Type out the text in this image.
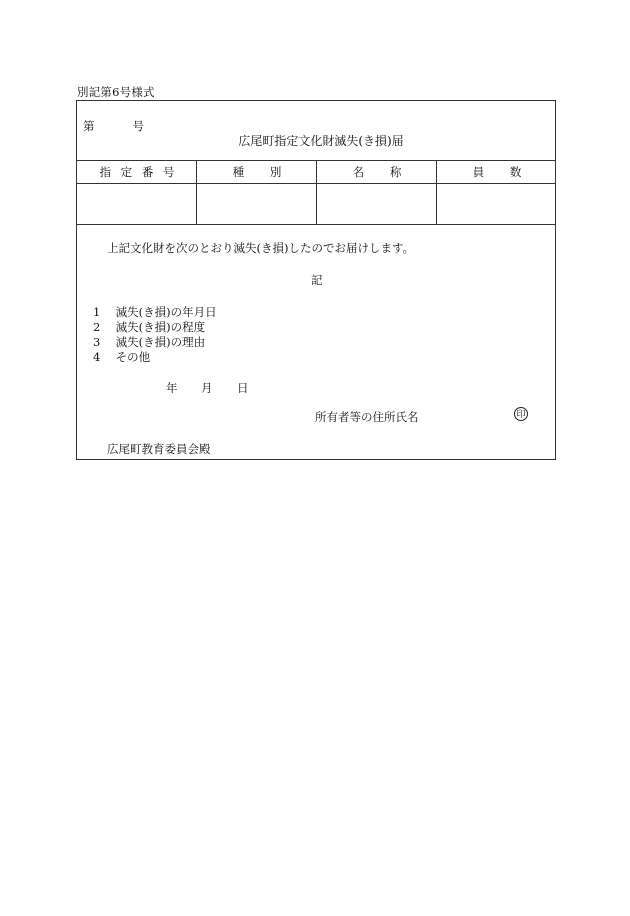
別記第6号様式
第	号
広尾町指定文化財滅失(き損)届
指 定 番 号	種 別	名 称	員 数
上記文化財を次のとおり滅失(き損)したのでお届けします。
記
1 滅失(き損)の年月日
2 滅失(き損)の程度
3 滅失(き損)の理由
4 その他
年 月 日
所有者等の住所氏名	印
広尾町教育委員会殿
